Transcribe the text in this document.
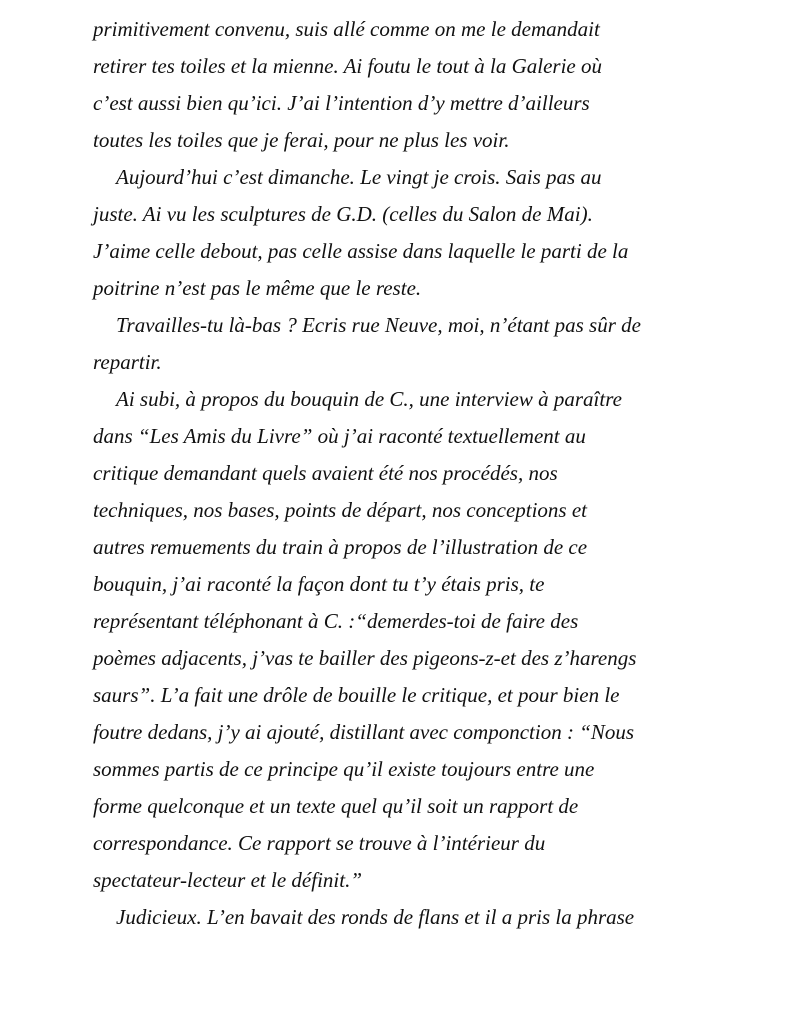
primitivement convenu, suis allé comme on me le demandait
retirer tes toiles et la mienne. Ai foutu le tout à la Galerie où
c’est aussi bien qu’ici. J’ai l’intention d’y mettre d’ailleurs
toutes les toiles que je ferai, pour ne plus les voir.
Aujourd’hui c’est dimanche. Le vingt je crois. Sais pas au
juste. Ai vu les sculptures de G.D. (celles du Salon de Mai).
J’aime celle debout, pas celle assise dans laquelle le parti de la
poitrine n’est pas le même que le reste.
Travailles-tu là-bas ? Ecris rue Neuve, moi, n’étant pas sûr de
repartir.
Ai subi, à propos du bouquin de C., une interview à paraître
dans “Les Amis du Livre” où j’ai raconté textuellement au
critique demandant quels avaient été nos procédés, nos
techniques, nos bases, points de départ, nos conceptions et
autres remuements du train à propos de l’illustration de ce
bouquin, j’ai raconté la façon dont tu t’y étais pris, te
représentant téléphonant à C. :“demerdes-toi de faire des
poèmes adjacents, j’vas te bailler des pigeons-z-et des z’harengs
saurs”. L’a fait une drôle de bouille le critique, et pour bien le
foutre dedans, j’y ai ajouté, distillant avec componction : “Nous
sommes partis de ce principe qu’il existe toujours entre une
forme quelconque et un texte quel qu’il soit un rapport de
correspondance. Ce rapport se trouve à l’intérieur du
spectateur-lecteur et le définit.”
Judicieux. L’en bavait des ronds de flans et il a pris la phrase
